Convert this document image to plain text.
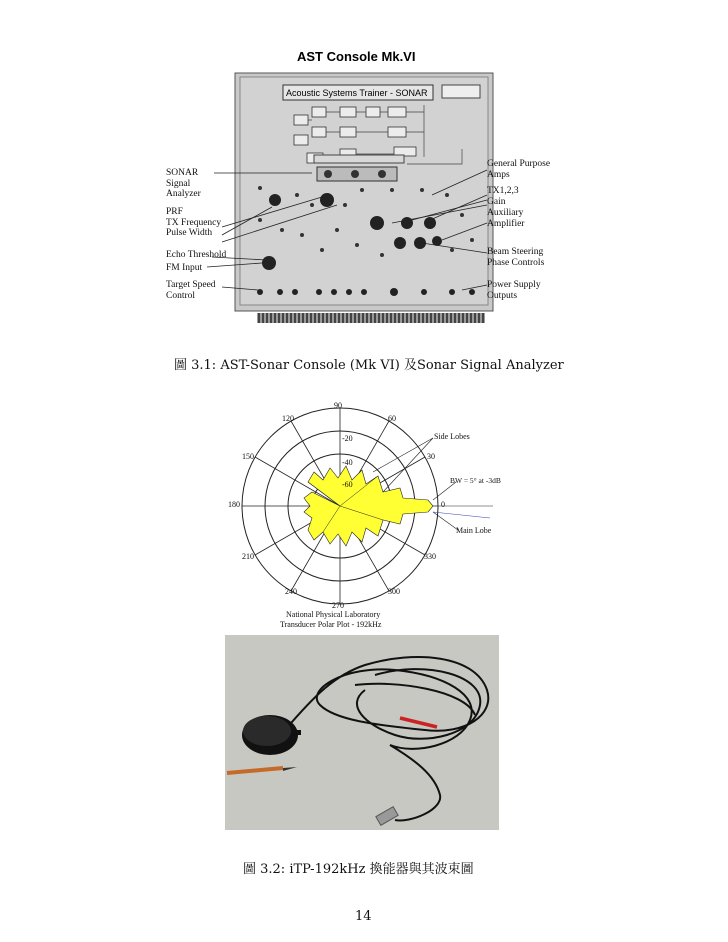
AST Console Mk.VI
Acoustic Systems Trainer - SONAR
SONAR
Signal
Analyzer
PRF
TX Frequency
Pulse Width
Echo Threshold
FM Input
Target Speed
Control
General Purpose
Amps
TX1,2,3
Gain
Auxiliary
Amplifier
Beam Steering
Phase Controls
Power Supply
Outputs
圖 3.1: AST-Sonar Console (Mk VI) 及Sonar Signal Analyzer
90
60
30
0
330
300
270
240
210
180
150
120
-20
-40
-60
Side Lobes
BW = 5° at -3dB
Main Lobe
National Physical Laboratory
Transducer Polar Plot - 192kHz
圖 3.2: iTP-192kHz 換能器與其波束圖
14
